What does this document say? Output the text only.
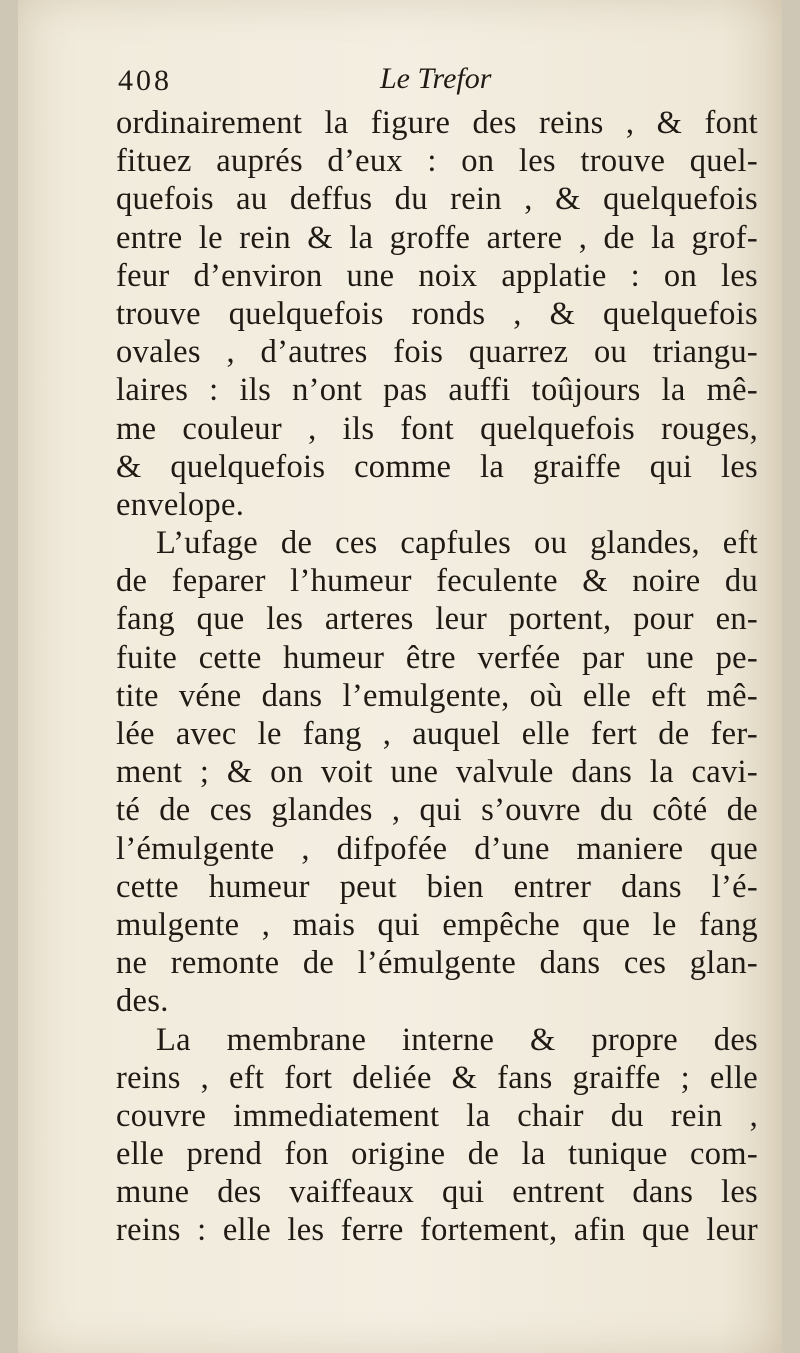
408	Le Trefor
ordinairement la figure des reins , & font
fituez auprés d’eux : on les trouve quel-
quefois au deffus du rein , & quelquefois
entre le rein & la groffe artere , de la grof-
feur d’environ une noix applatie : on les
trouve quelquefois ronds , & quelquefois
ovales , d’autres fois quarrez ou triangu-
laires : ils n’ont pas auffi toûjours la mê-
me couleur , ils font quelquefois rouges,
& quelquefois comme la graiffe qui les
envelope.
L’ufage de ces capfules ou glandes, eft
de feparer l’humeur feculente & noire du
fang que les arteres leur portent, pour en-
fuite cette humeur être verfée par une pe-
tite véne dans l’emulgente, où elle eft mê-
lée avec le fang , auquel elle fert de fer-
ment ; & on voit une valvule dans la cavi-
té de ces glandes , qui s’ouvre du côté de
l’émulgente , difpofée d’une maniere que
cette humeur peut bien entrer dans l’é-
mulgente , mais qui empêche que le fang
ne remonte de l’émulgente dans ces glan-
des.
La membrane interne & propre des
reins , eft fort deliée & fans graiffe ; elle
couvre immediatement la chair du rein ,
elle prend fon origine de la tunique com-
mune des vaiffeaux qui entrent dans les
reins : elle les ferre fortement, afin que leur
